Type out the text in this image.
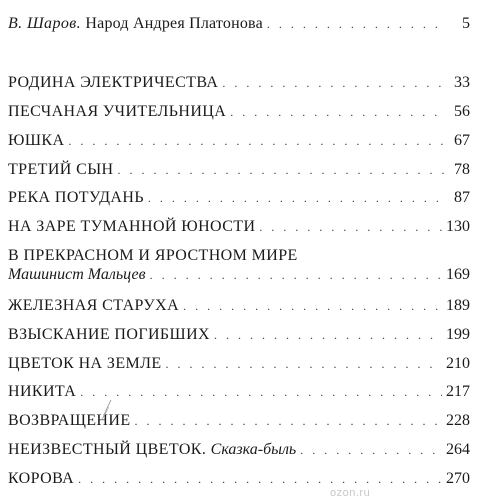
В. Шаров. Народ Андрея Платонова . . .	5
РОДИНА ЭЛЕКТРИЧЕСТВА . . .	33
ПЕСЧАНАЯ УЧИТЕЛЬНИЦА . . .	56
ЮШКА . . .	67
ТРЕТИЙ СЫН . . .	78
РЕКА ПОТУДАНЬ . . .	87
НА ЗАРЕ ТУМАННОЙ ЮНОСТИ . . .	130
В ПРЕКРАСНОМ И ЯРОСТНОМ МИРЕ
Машинист Мальцев . . .	169
ЖЕЛЕЗНАЯ СТАРУХА . . .	189
ВЗЫСКАНИЕ ПОГИБШИХ . . .	199
ЦВЕТОК НА ЗЕМЛЕ . . .	210
НИКИТА . . .	217
ВОЗВРАЩЕНИЕ . . .	228
НЕИЗВЕСТНЫЙ ЦВЕТОК. Сказка-быль . . .	264
КОРОВА . . .	270
ozon.ru
